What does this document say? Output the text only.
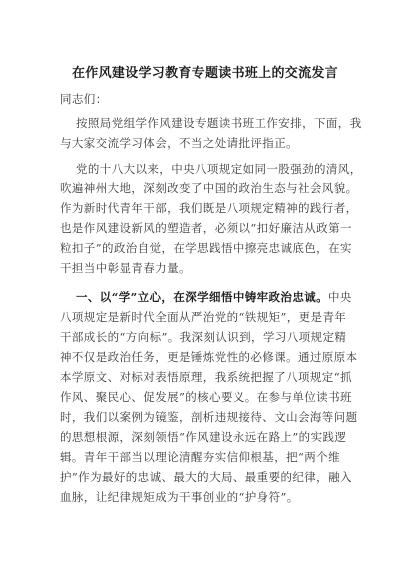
在作风建设学习教育专题读书班上的交流发言
同志们：
按照局党组学作风建设专题读书班工作安排，下面，我
与大家交流学习体会，不当之处请批评指正。
党的十八大以来，中央八项规定如同一股强劲的清风，
吹遍神州大地，深刻改变了中国的政治生态与社会风貌。
作为新时代青年干部，我们既是八项规定精神的践行者，
也是作风建设新风的塑造者，必须以“扣好廉洁从政第一
粒扣子”的政治自觉，在学思践悟中擦亮忠诚底色，在实
干担当中彰显青春力量。
一、以“学”立心，在深学细悟中铸牢政治忠诚。中央
八项规定是新时代全面从严治党的“铁规矩”，更是青年
干部成长的“方向标”。我深刻认识到，学习八项规定精
神不仅是政治任务，更是锤炼党性的必修课。通过原原本
本学原文、对标对表悟原理，我系统把握了八项规定“抓
作风、聚民心、促发展”的核心要义。在参与单位读书班
时，我们以案例为镜鉴，剖析违规接待、文山会海等问题
的思想根源，深刻领悟“作风建设永远在路上”的实践逻
辑。青年干部当以理论清醒夯实信仰根基，把“两个维
护”作为最好的忠诚、最大的大局、最重要的纪律，融入
血脉，让纪律规矩成为干事创业的“护身符”。
